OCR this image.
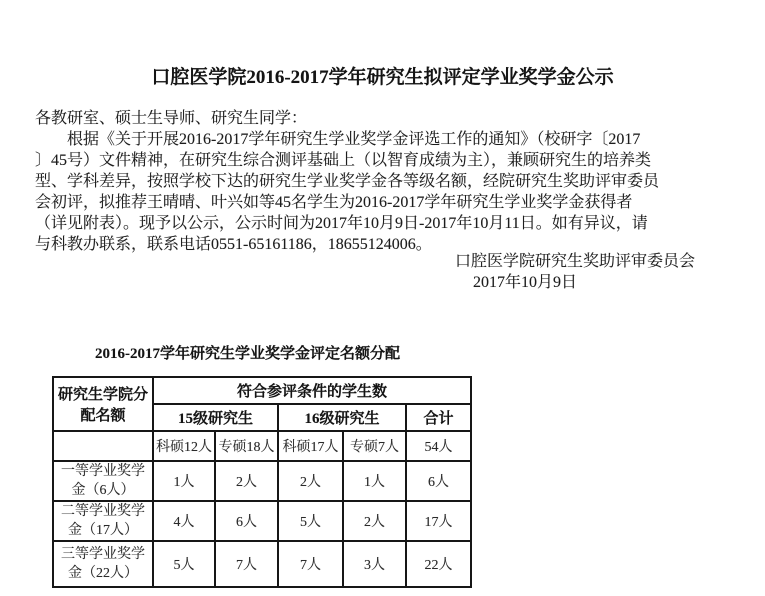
口腔医学院2016-2017学年研究生拟评定学业奖学金公示
各教研室、硕士生导师、研究生同学：
根据《关于开展2016-2017学年研究生学业奖学金评选工作的通知》（校研字〔2017
〕45号）文件精神，在研究生综合测评基础上（以智育成绩为主），兼顾研究生的培养类
型、学科差异，按照学校下达的研究生学业奖学金各等级名额，经院研究生奖助评审委员
会初评，拟推荐王晴晴、叶兴如等45名学生为2016-2017学年研究生学业奖学金获得者
（详见附表）。现予以公示，公示时间为2017年10月9日-2017年10月11日。如有异议，请
与科教办联系，联系电话0551-65161186，18655124006。
口腔医学院研究生奖助评审委员会
2017年10月9日
2016-2017学年研究生学业奖学金评定名额分配
研究生学院分配名额	符合参评条件的学生数				
	15级研究生		16级研究生		合计
	科硕12人	专硕18人	科硕17人	专硕7人	54人
一等学业奖学金（6人）	1人	2人	2人	1人	6人
二等学业奖学金（17人）	4人	6人	5人	2人	17人
三等学业奖学金（22人）	5人	7人	7人	3人	22人
